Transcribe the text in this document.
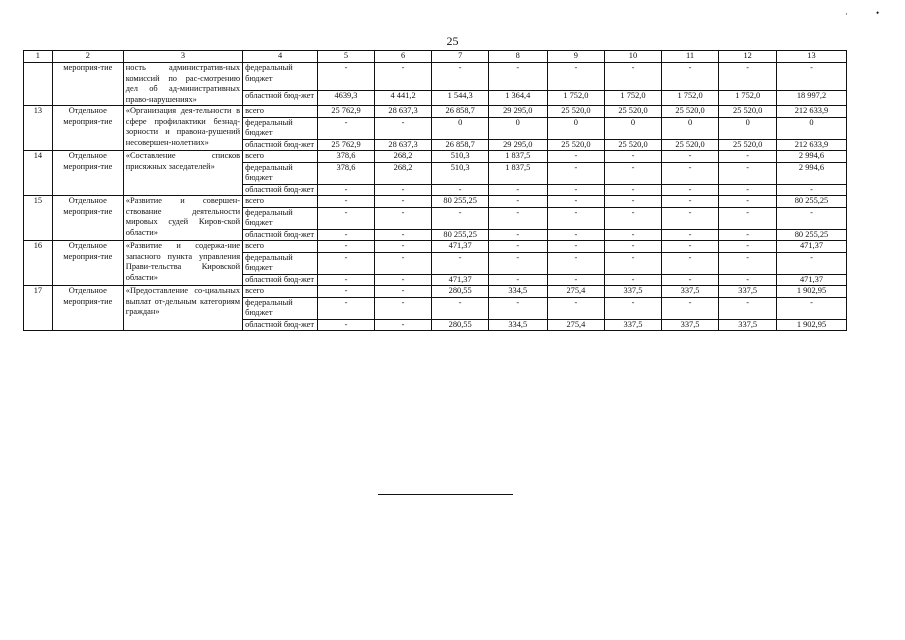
·	•
25
1	2	3	4	5	6	7	8	9	10	11	12	13
	мероприя-тие	ность административ-ных комиссий по рас-смотрению дел об ад-министративных право-нарушениях»	федеральный бюджет	-	-	-	-	-	-	-	-	-
			областной бюд-жет	4639,3	4 441,2	1 544,3	1 364,4	1 752,0	1 752,0	1 752,0	1 752,0	18 997,2
13	Отдельное мероприя-тие	«Организация дея-тельности в сфере профилактики безнад-зорности и правона-рушений несовершен-нолетних»	всего	25 762,9	28 637,3	26 858,7	29 295,0	25 520,0	25 520,0	25 520,0	25 520,0	212 633,9
			федеральный бюджет	-	-	0	0	0	0	0	0	0
			областной бюд-жет	25 762,9	28 637,3	26 858,7	29 295,0	25 520,0	25 520,0	25 520,0	25 520,0	212 633,9
14	Отдельное мероприя-тие	«Составление списков присяжных заседателей»	всего	378,6	268,2	510,3	1 837,5	-	-	-	-	2 994,6
			федеральный бюджет	378,6	268,2	510,3	1 837,5	-	-	-	-	2 994,6
			областной бюд-жет	-	-	-	-	-	-	-	-	-
15	Отдельное мероприя-тие	«Развитие и совершен-ствование деятельности мировых судей Киров-ской области»	всего	-	-	80 255,25	-	-	-	-	-	80 255,25
			федеральный бюджет	-	-	-	-	-	-	-	-	-
			областной бюд-жет	-	-	80 255,25	-	-	-	-	-	80 255,25
16	Отдельное мероприя-тие	«Развитие и содержа-ние запасного пункта управления Прави-тельства Кировской области»	всего	-	-	471,37	-	-	-	-	-	471,37
			федеральный бюджет	-	-	-	-	-	-	-	-	-
			областной бюд-жет	-	-	471,37	-	-	-	-	-	471,37
17	Отдельное мероприя-тие	«Предоставление со-циальных выплат от-дельным категориям граждан»	всего	-	-	280,55	334,5	275,4	337,5	337,5	337,5	1 902,95
			федеральный бюджет	-	-	-	-	-	-	-	-	-
			областной бюд-жет	-	-	280,55	334,5	275,4	337,5	337,5	337,5	1 902,95
